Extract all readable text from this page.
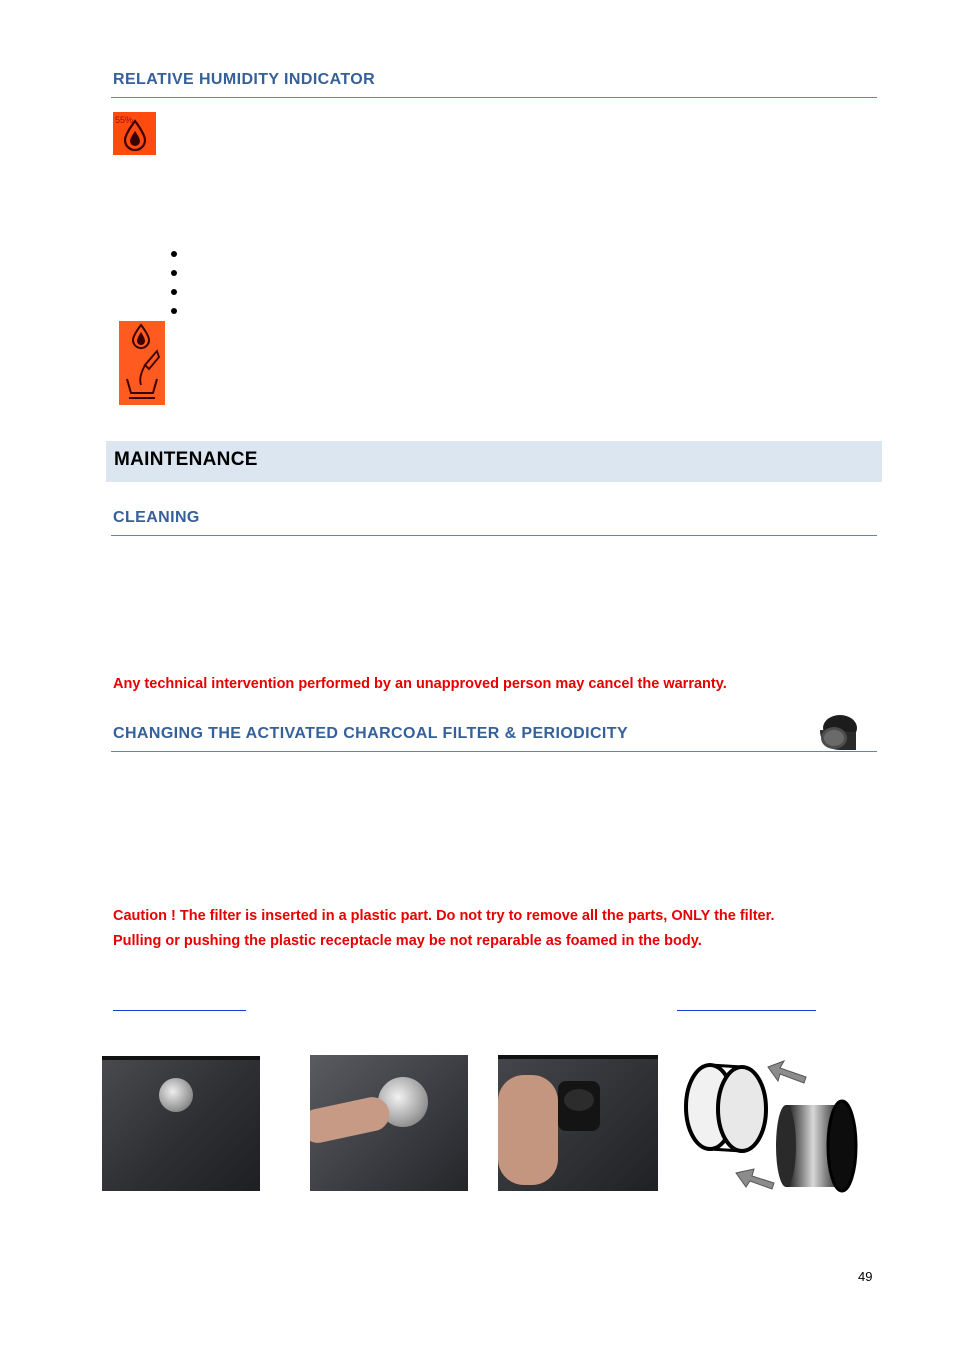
RELATIVE HUMIDITY INDICATOR
55%
MAINTENANCE
CLEANING
Any technical intervention performed by an unapproved person may cancel the warranty.
CHANGING THE ACTIVATED CHARCOAL FILTER & PERIODICITY
Caution ! The filter is inserted in a plastic part. Do not try to remove all the parts, ONLY the filter.
Pulling or pushing the plastic receptacle may be not reparable as foamed in the body.
49
